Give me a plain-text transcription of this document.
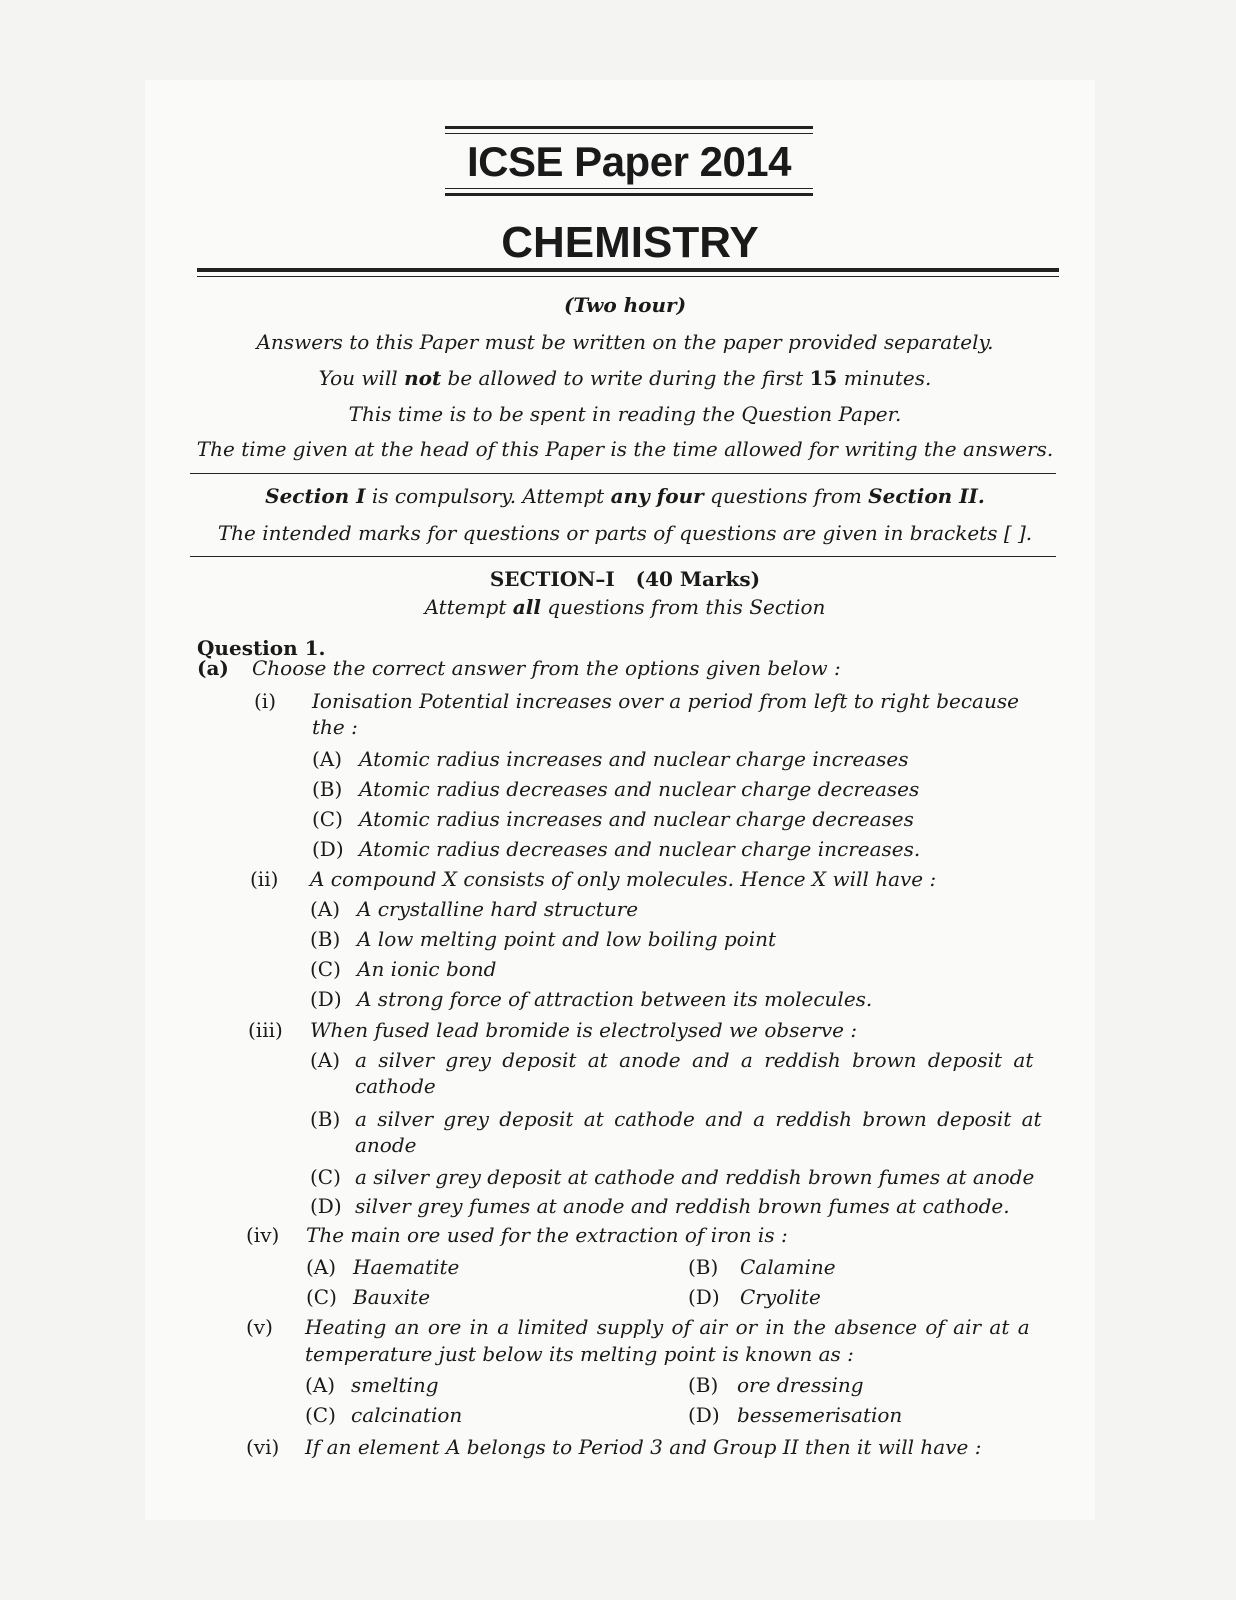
ICSE Paper 2014
CHEMISTRY
(Two hour)
Answers to this Paper must be written on the paper provided separately.
You will not be allowed to write during the first 15 minutes.
This time is to be spent in reading the Question Paper.
The time given at the head of this Paper is the time allowed for writing the answers.
Section I is compulsory. Attempt any four questions from Section II.
The intended marks for questions or parts of questions are given in brackets [ ].
SECTION–I   (40 Marks)
Attempt all questions from this Section
Question 1.
(a) Choose the correct answer from the options given below :
(i) Ionisation Potential increases over a period from left to right because
the :
(A) Atomic radius increases and nuclear charge increases
(B) Atomic radius decreases and nuclear charge decreases
(C) Atomic radius increases and nuclear charge decreases
(D) Atomic radius decreases and nuclear charge increases.
(ii) A compound X consists of only molecules. Hence X will have :
(A) A crystalline hard structure
(B) A low melting point and low boiling point
(C) An ionic bond
(D) A strong force of attraction between its molecules.
(iii) When fused lead bromide is electrolysed we observe :
(A) a silver grey deposit at anode and a reddish brown deposit at
cathode
(B) a silver grey deposit at cathode and a reddish brown deposit at
anode
(C) a silver grey deposit at cathode and reddish brown fumes at anode
(D) silver grey fumes at anode and reddish brown fumes at cathode.
(iv) The main ore used for the extraction of iron is :
(A) Haematite	(B) Calamine
(C) Bauxite	(D) Cryolite
(v) Heating an ore in a limited supply of air or in the absence of air at a
temperature just below its melting point is known as :
(A) smelting	(B) ore dressing
(C) calcination	(D) bessemerisation
(vi) If an element A belongs to Period 3 and Group II then it will have :
